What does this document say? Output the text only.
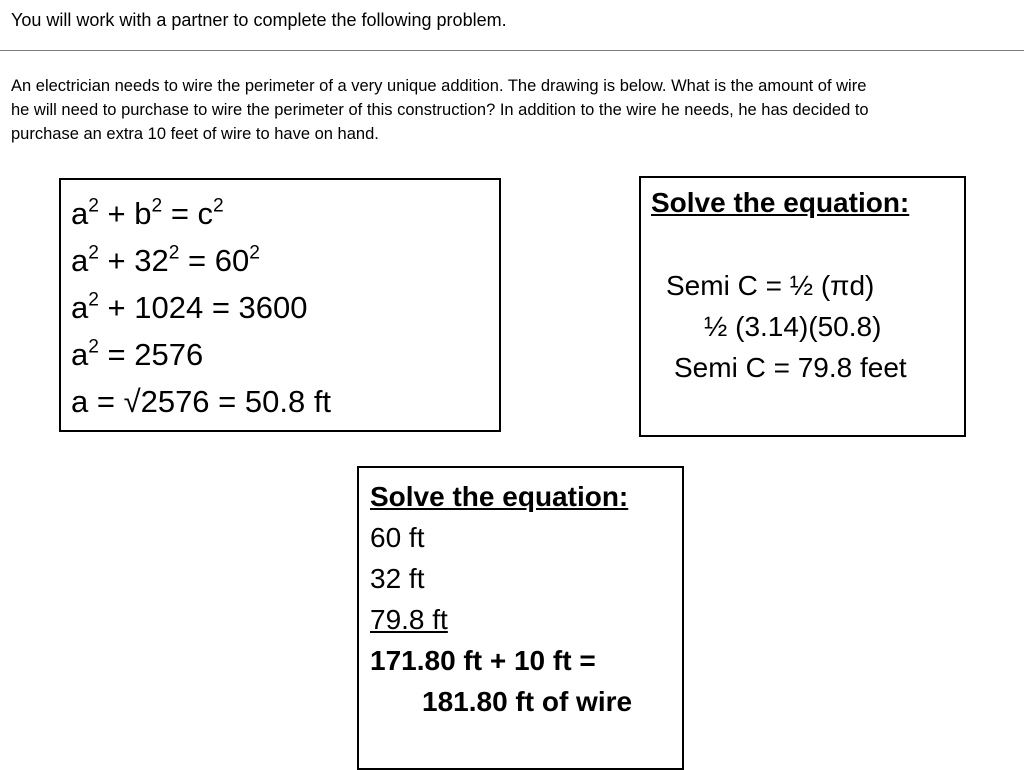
You will work with a partner to complete the following problem.
An electrician needs to wire the perimeter of a very unique addition. The drawing is below. What is the amount of wire
he will need to purchase to wire the perimeter of this construction? In addition to the wire he needs, he has decided to
purchase an extra 10 feet of wire to have on hand.
$a^2 + b^2 = c^2$
$a^2 + 32^2 = 60^2$
$a^2 + 1024 = 3600$
$a^2 = 2576$
a = √2576 = 50.8 ft
Solve the equation:
Semi C = ½ (πd)
½ (3.14)(50.8)
Semi C = 79.8 feet
Solve the equation:
60 ft
32 ft
79.8 ft
171.80 ft + 10 ft =
181.80 ft of wire
